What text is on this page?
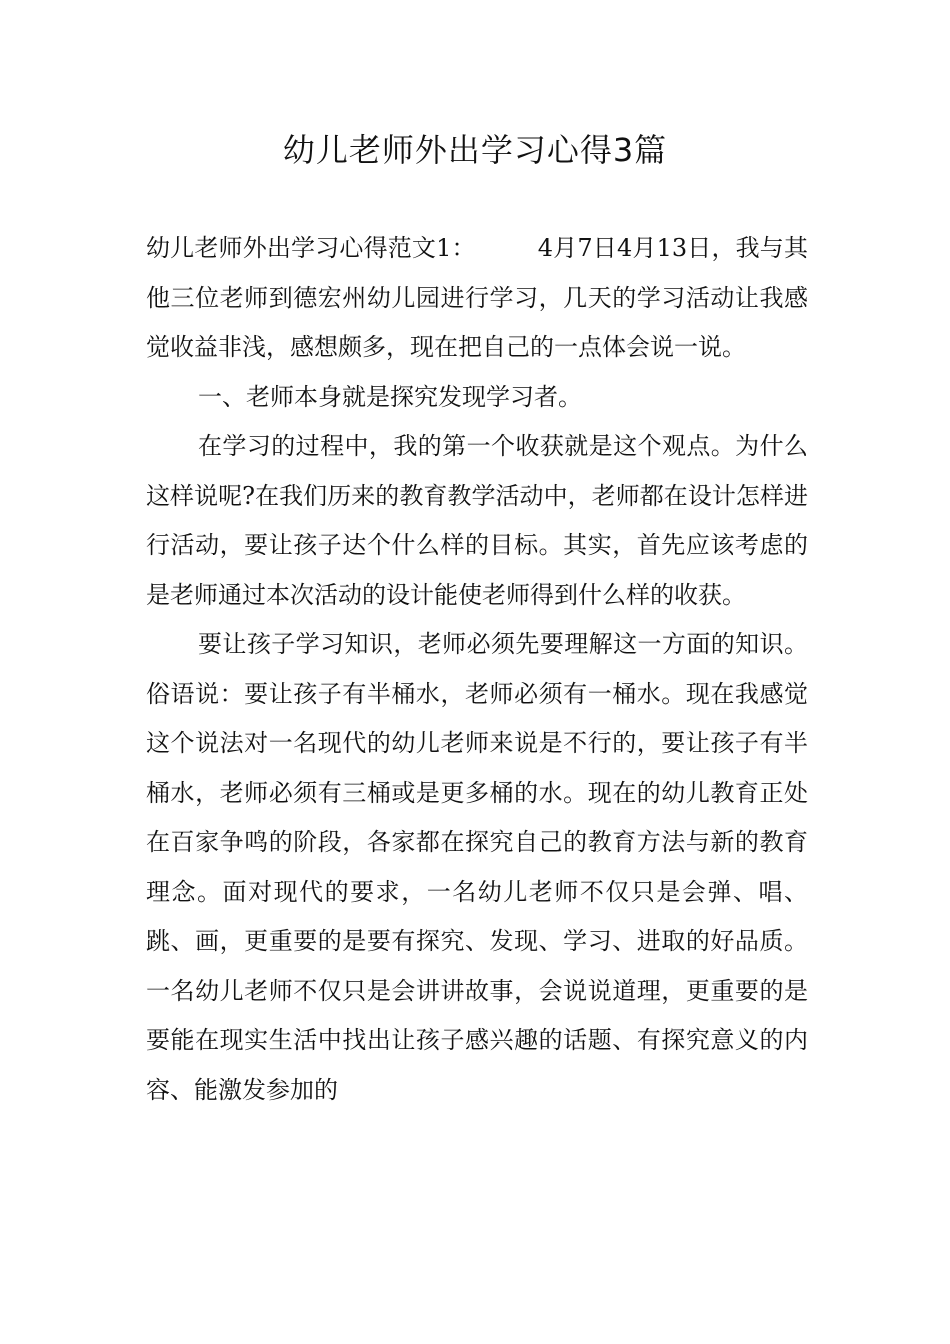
幼儿老师外出学习心得3篇

幼儿老师外出学习心得范文1：	4月7日4月13日，我与其他三位老师到德宏州幼儿园进行学习，几天的学习活动让我感觉收益非浅，感想颇多，现在把自己的一点体会说一说。

一、老师本身就是探究发现学习者。

在学习的过程中，我的第一个收获就是这个观点。为什么这样说呢?在我们历来的教育教学活动中，老师都在设计怎样进行活动，要让孩子达个什么样的目标。其实，首先应该考虑的是老师通过本次活动的设计能使老师得到什么样的收获。

要让孩子学习知识，老师必须先要理解这一方面的知识。俗语说：要让孩子有半桶水，老师必须有一桶水。现在我感觉这个说法对一名现代的幼儿老师来说是不行的，要让孩子有半桶水，老师必须有三桶或是更多桶的水。现在的幼儿教育正处在百家争鸣的阶段，各家都在探究自己的教育方法与新的教育理念。面对现代的要求，一名幼儿老师不仅只是会弹、唱、跳、画，更重要的是要有探究、发现、学习、进取的好品质。一名幼儿老师不仅只是会讲讲故事，会说说道理，更重要的是要能在现实生活中找出让孩子感兴趣的话题、有探究意义的内容、能激发参加的
